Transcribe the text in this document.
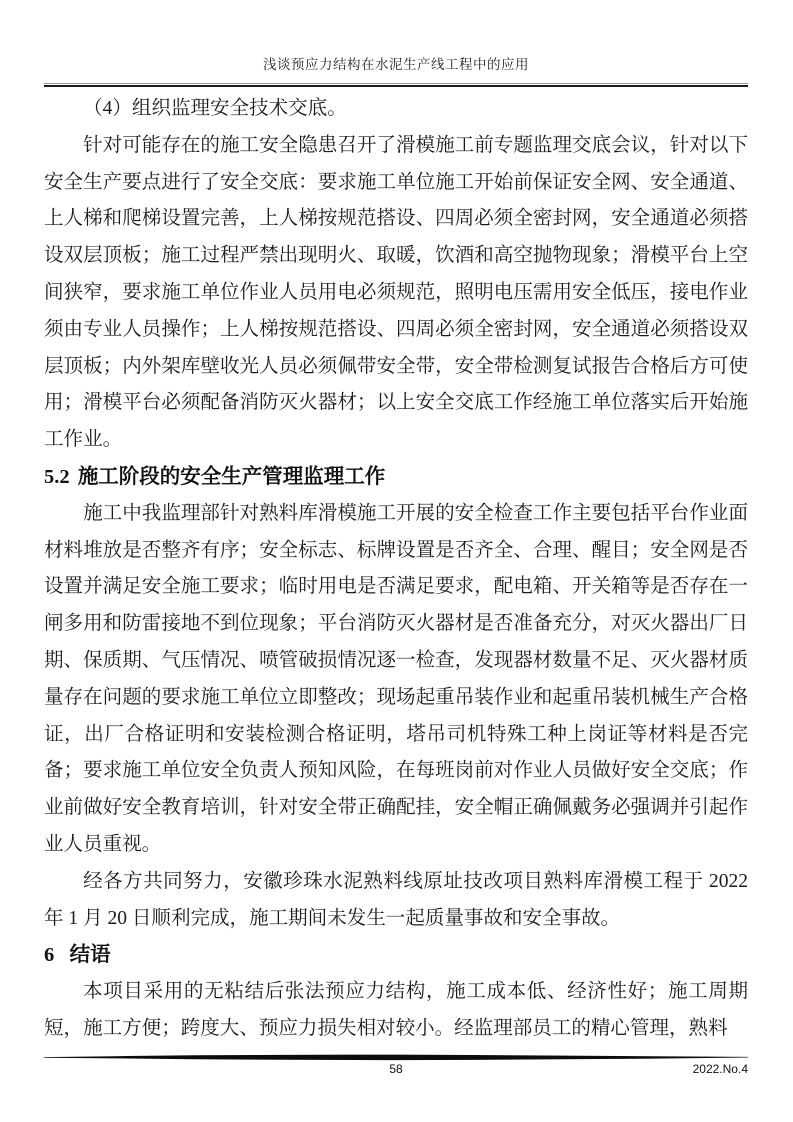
浅谈预应力结构在水泥生产线工程中的应用

（4）组织监理安全技术交底。

针对可能存在的施工安全隐患召开了滑模施工前专题监理交底会议，针对以下安全生产要点进行了安全交底：要求施工单位施工开始前保证安全网、安全通道、上人梯和爬梯设置完善，上人梯按规范搭设、四周必须全密封网，安全通道必须搭设双层顶板；施工过程严禁出现明火、取暖，饮酒和高空抛物现象；滑模平台上空间狭窄，要求施工单位作业人员用电必须规范，照明电压需用安全低压，接电作业须由专业人员操作；上人梯按规范搭设、四周必须全密封网，安全通道必须搭设双层顶板；内外架库壁收光人员必须佩带安全带，安全带检测复试报告合格后方可使用；滑模平台必须配备消防灭火器材；以上安全交底工作经施工单位落实后开始施工作业。

5.2 施工阶段的安全生产管理监理工作

施工中我监理部针对熟料库滑模施工开展的安全检查工作主要包括平台作业面材料堆放是否整齐有序；安全标志、标牌设置是否齐全、合理、醒目；安全网是否设置并满足安全施工要求；临时用电是否满足要求，配电箱、开关箱等是否存在一闸多用和防雷接地不到位现象；平台消防灭火器材是否准备充分，对灭火器出厂日期、保质期、气压情况、喷管破损情况逐一检查，发现器材数量不足、灭火器材质量存在问题的要求施工单位立即整改；现场起重吊装作业和起重吊装机械生产合格证，出厂合格证明和安装检测合格证明，塔吊司机特殊工种上岗证等材料是否完备；要求施工单位安全负责人预知风险，在每班岗前对作业人员做好安全交底；作业前做好安全教育培训，针对安全带正确配挂，安全帽正确佩戴务必强调并引起作业人员重视。

经各方共同努力，安徽珍珠水泥熟料线原址技改项目熟料库滑模工程于 2022 年 1 月 20 日顺利完成，施工期间未发生一起质量事故和安全事故。

6 结语

本项目采用的无粘结后张法预应力结构，施工成本低、经济性好；施工周期短，施工方便；跨度大、预应力损失相对较小。经监理部员工的精心管理，熟料

58	2022.No.4
